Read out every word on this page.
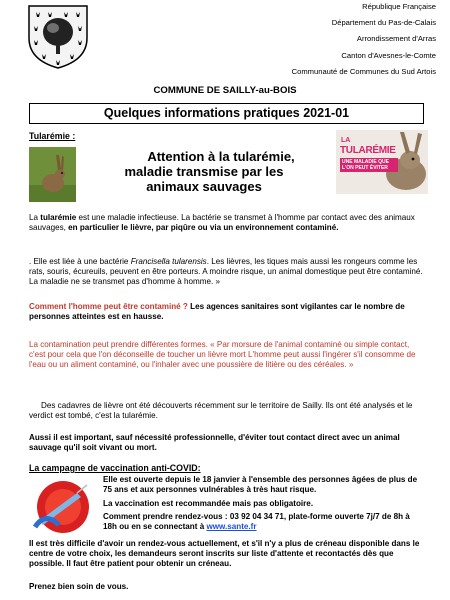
République Française
Département du Pas-de-Calais
Arrondissement d'Arras
Canton d'Avesnes-le-Comte
Communauté de Communes du Sud Artois
COMMUNE DE SAILLY-au-BOIS
Quelques informations pratiques 2021-01
Tularémie :
Attention à la tularémie,
maladie transmise par les
animaux sauvages
LA
TULARÉMIE
UNE MALADIE QUE L'ON PEUT ÉVITER
La tularémie est une maladie infectieuse. La bactérie se transmet à l'homme par contact avec des animaux sauvages, en particulier le lièvre, par piqûre ou via un environnement contaminé.
. Elle est liée à une bactérie Francisella tularensis. Les lièvres, les tiques mais aussi les rongeurs comme les rats, souris, écureuils, peuvent en être porteurs. A moindre risque, un animal domestique peut être contaminé. La maladie ne se transmet pas d'homme à homme. »
Comment l'homme peut être contaminé ? Les agences sanitaires sont vigilantes car le nombre de personnes atteintes est en hausse.
La contamination peut prendre différentes formes. « Par morsure de l'animal contaminé ou simple contact, c'est pour cela que l'on déconseille de toucher un lièvre mort L'homme peut aussi l'ingérer s'il consomme de l'eau ou un aliment contaminé, ou l'inhaler avec une poussière de litière ou des céréales. »
Des cadavres de lièvre ont été découverts récemment sur le territoire de Sailly. Ils ont été analysés et le verdict est tombé, c'est la tularémie.
Aussi il est important, sauf nécessité professionnelle, d'éviter tout contact direct avec un animal sauvage qu'il soit vivant ou mort.
La campagne de vaccination anti-COVID:
Elle est ouverte depuis le 18 janvier à l'ensemble des personnes âgées de plus de 75 ans et aux personnes vulnérables à très haut risque.
La vaccination est recommandée mais pas obligatoire.
Comment prendre rendez-vous : 03 92 04 34 71, plate-forme ouverte 7j/7 de 8h à 18h ou en se connectant à www.sante.fr
Il est très difficile d'avoir un rendez-vous actuellement, et s'il n'y a plus de créneau disponible dans le centre de votre choix, les demandeurs seront inscrits sur liste d'attente et recontactés dès que possible. Il faut être patient pour obtenir un créneau.
Prenez bien soin de vous.
